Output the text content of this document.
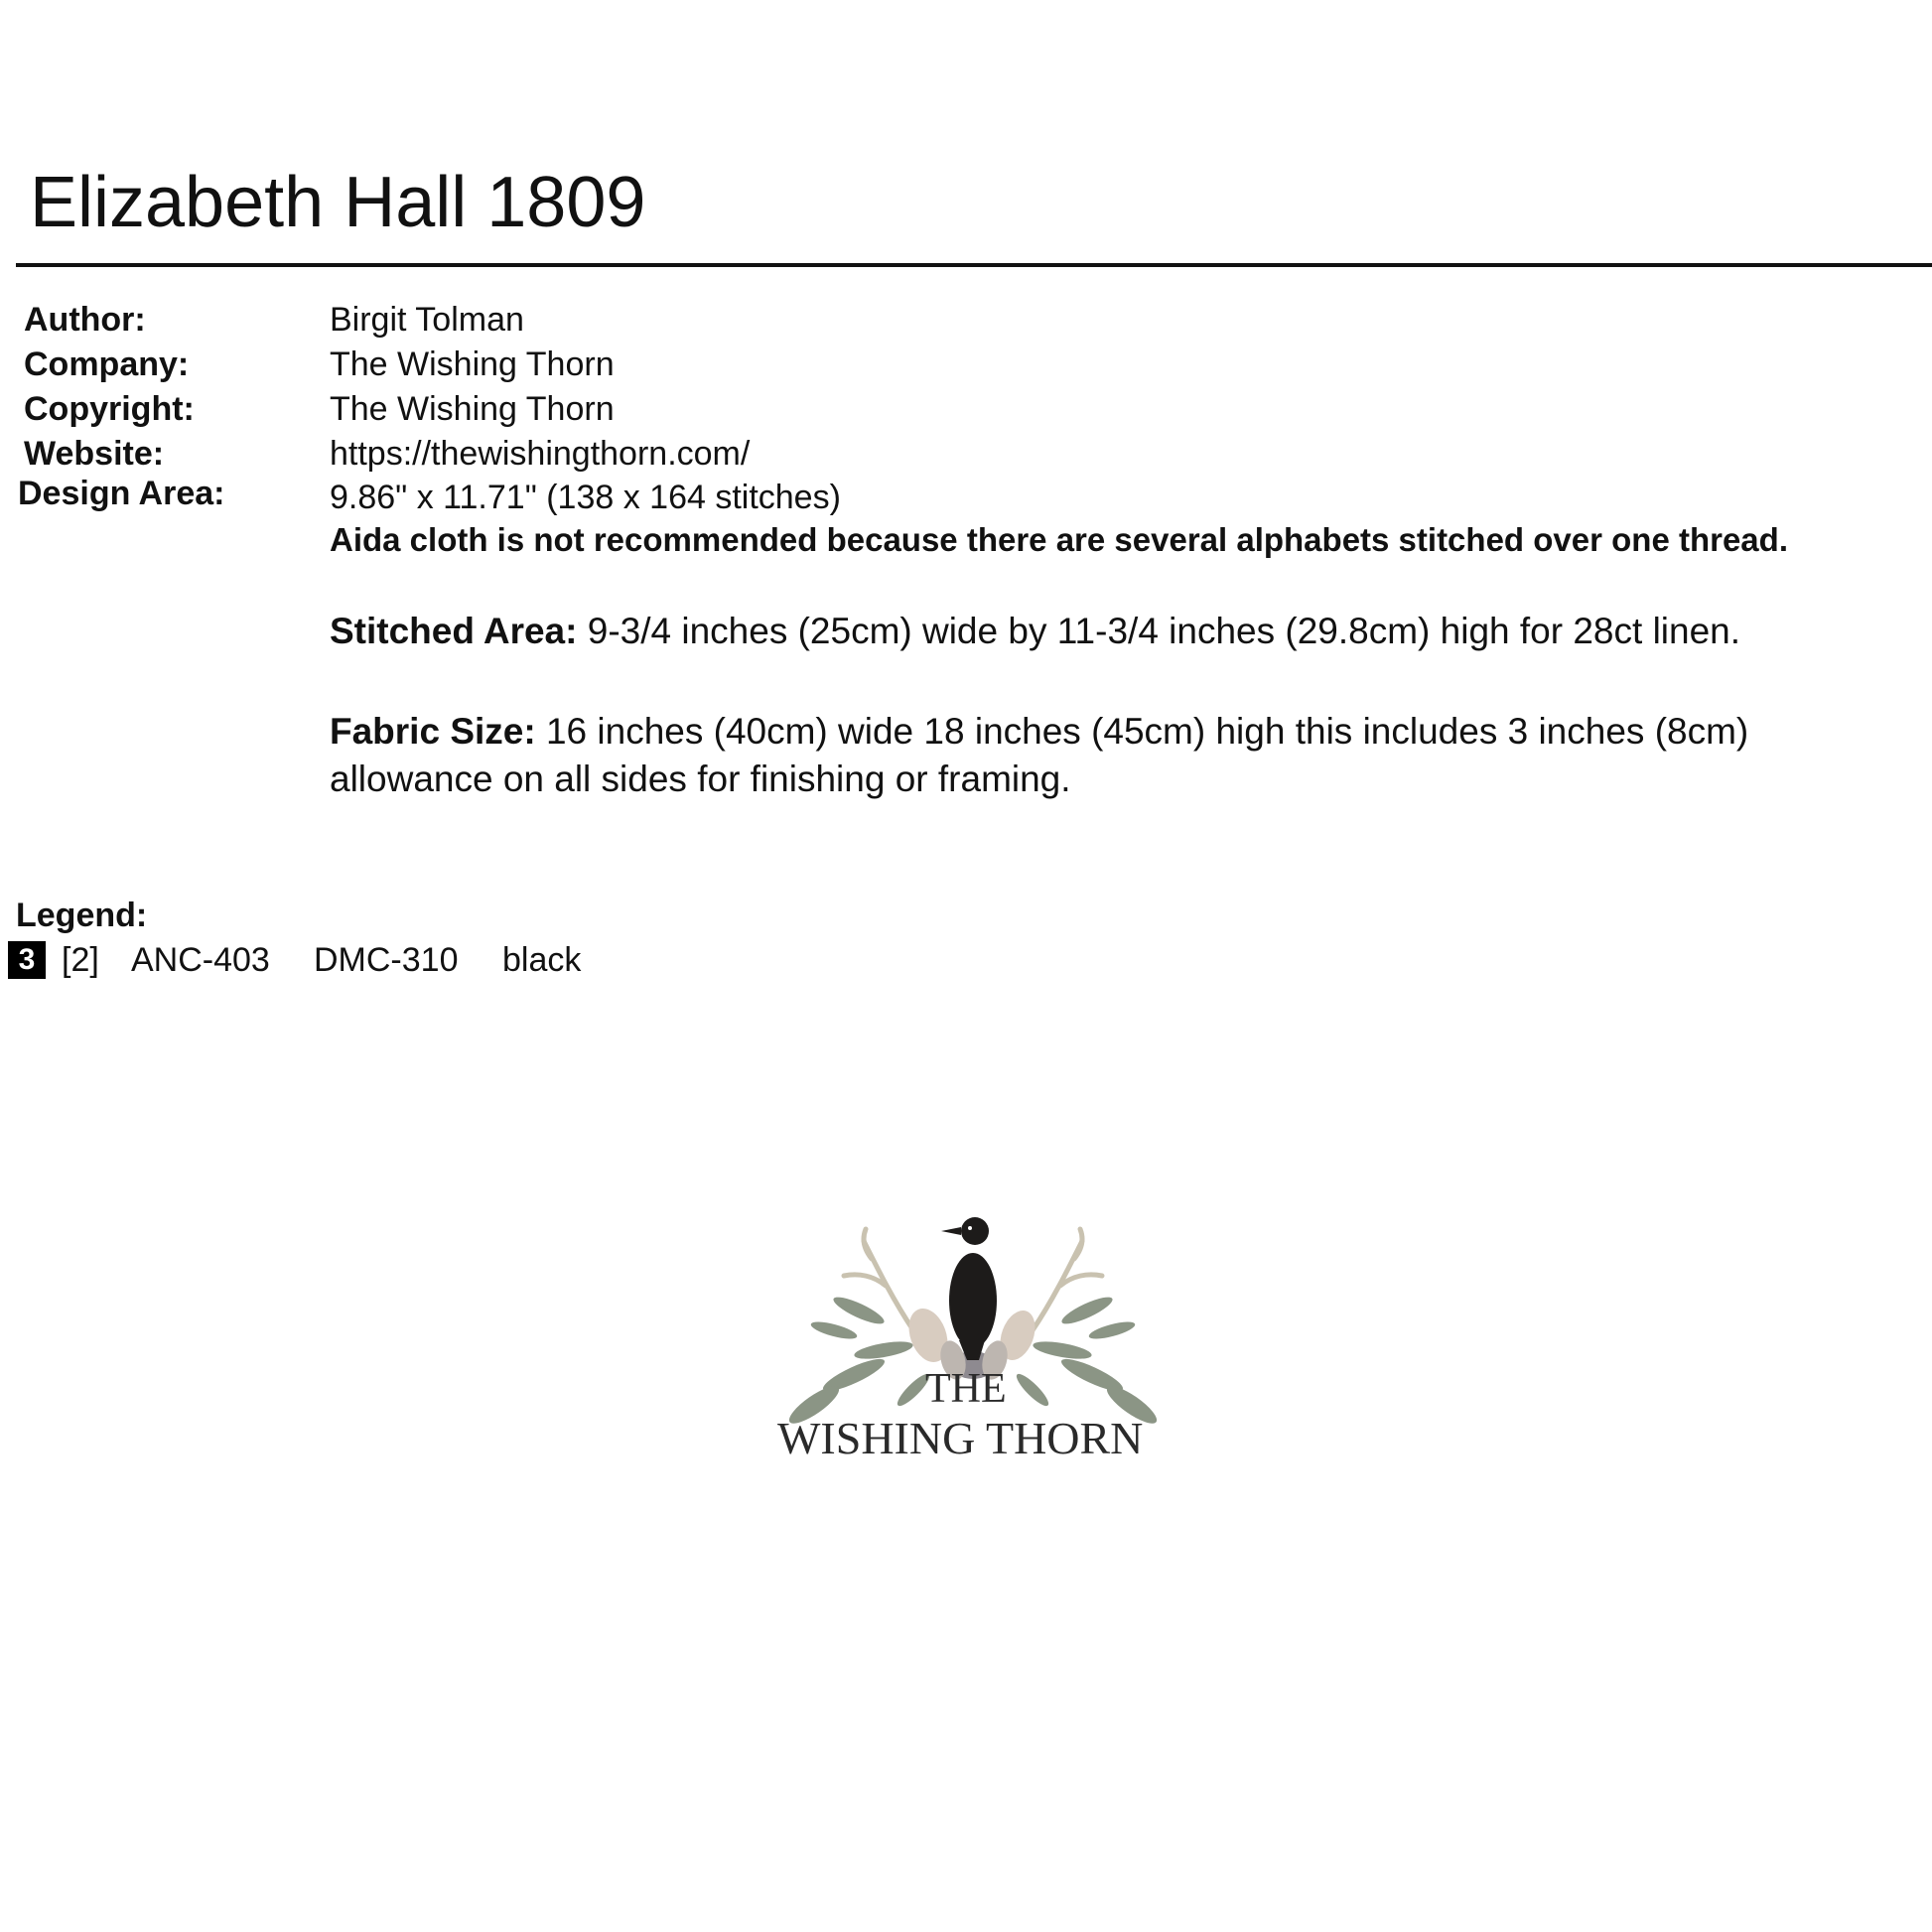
Elizabeth Hall 1809
Author:	Birgit Tolman
Company:	The Wishing Thorn
Copyright:	The Wishing Thorn
Website:	https://thewishingthorn.com/
Design Area:	9.86" x 11.71" (138 x 164 stitches)
Aida cloth is not recommended because there are several alphabets stitched over one thread.
Stitched Area: 9-3/4 inches (25cm) wide by 11-3/4 inches (29.8cm) high for 28ct linen.
Fabric Size: 16 inches (40cm) wide 18 inches (45cm) high this includes 3 inches (8cm) allowance on all sides for finishing or framing.
Legend:
3 [2] ANC-403 DMC-310 black
THE
WISHING THORN
